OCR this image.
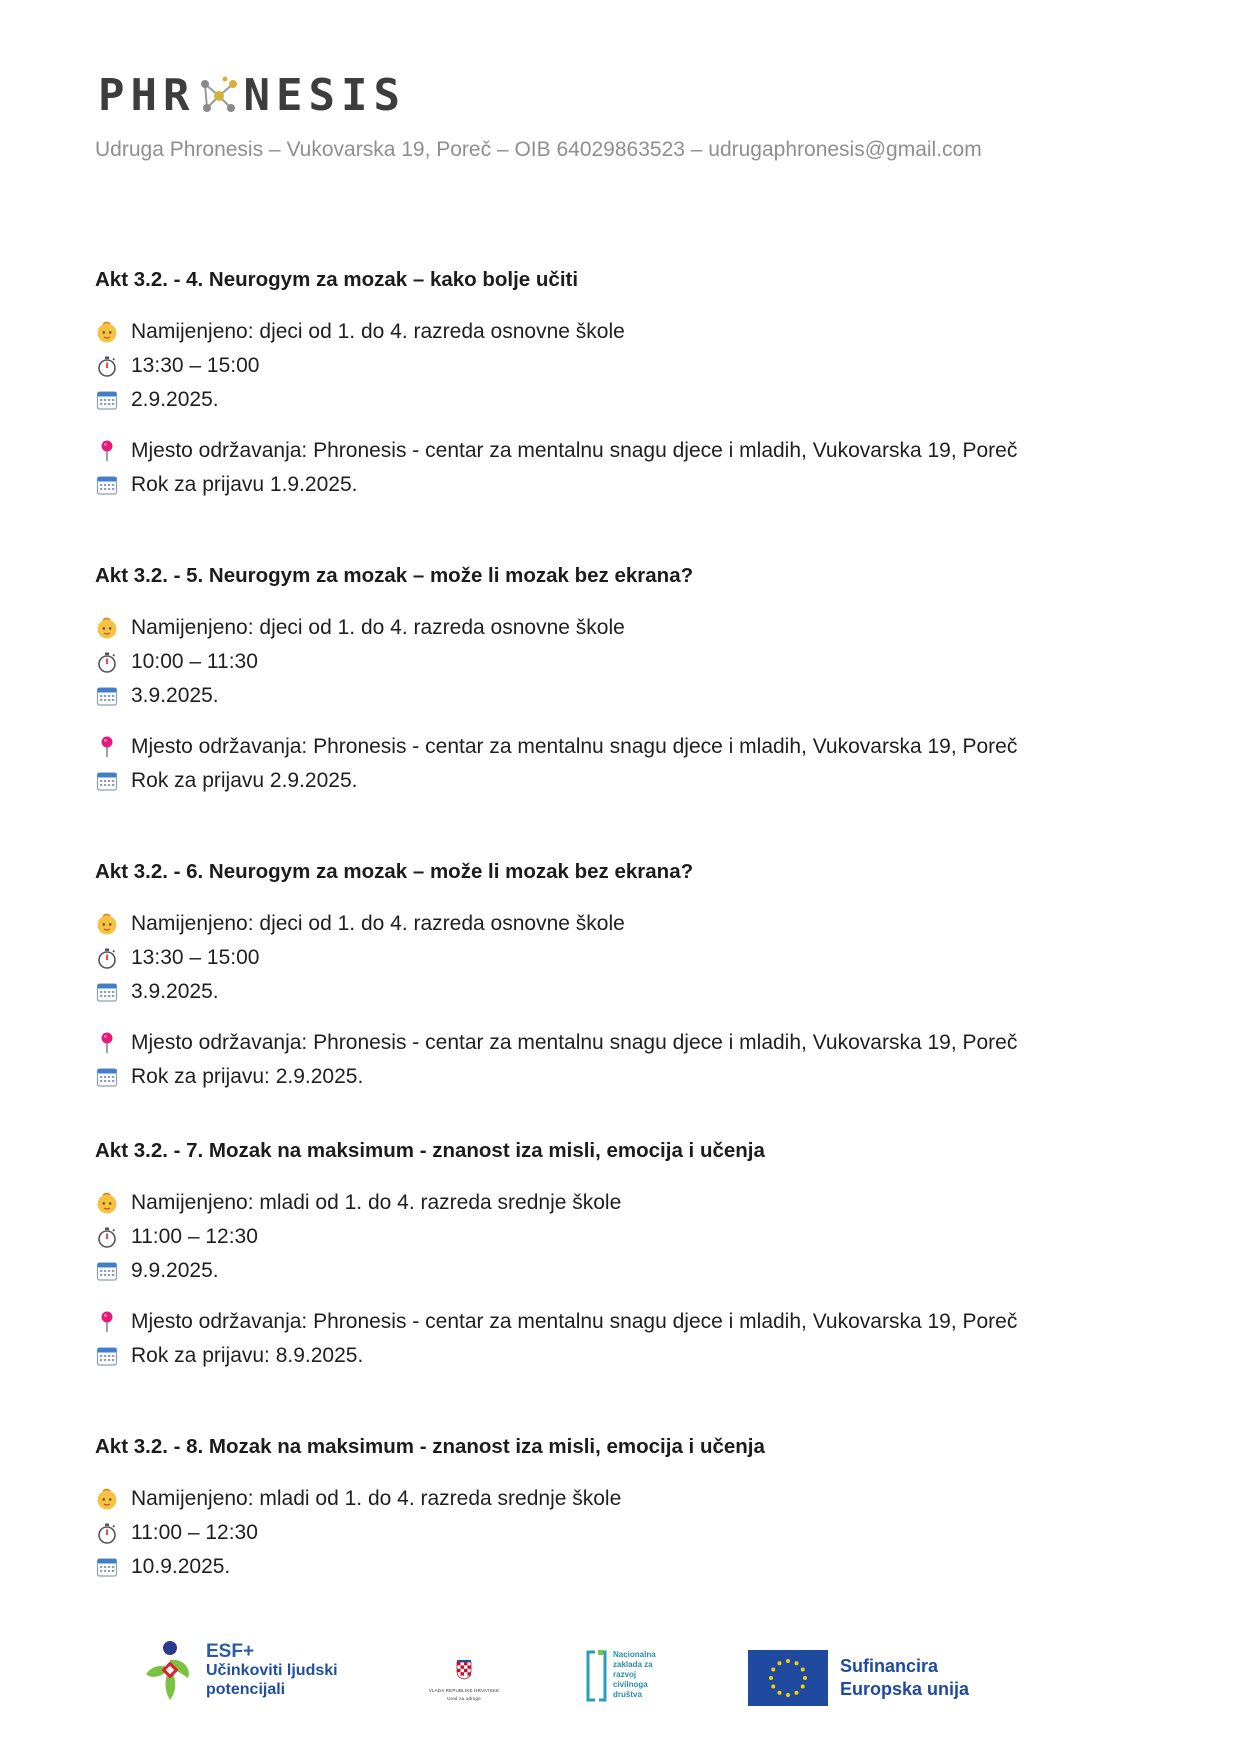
PHR NESIS
Udruga Phronesis – Vukovarska 19, Poreč – OIB 64029863523 – udrugaphronesis@gmail.com
Akt 3.2. - 4. Neurogym za mozak – kako bolje učiti
Namijenjeno: djeci od 1. do 4. razreda osnovne škole
13:30 – 15:00
2.9.2025.
Mjesto održavanja: Phronesis - centar za mentalnu snagu djece i mladih, Vukovarska 19, Poreč
Rok za prijavu 1.9.2025.
Akt 3.2. - 5. Neurogym za mozak – može li mozak bez ekrana?
Namijenjeno: djeci od 1. do 4. razreda osnovne škole
10:00 – 11:30
3.9.2025.
Mjesto održavanja: Phronesis - centar za mentalnu snagu djece i mladih, Vukovarska 19, Poreč
Rok za prijavu 2.9.2025.
Akt 3.2. - 6. Neurogym za mozak – može li mozak bez ekrana?
Namijenjeno: djeci od 1. do 4. razreda osnovne škole
13:30 – 15:00
3.9.2025.
Mjesto održavanja: Phronesis - centar za mentalnu snagu djece i mladih, Vukovarska 19, Poreč
Rok za prijavu: 2.9.2025.
Akt 3.2. - 7. Mozak na maksimum - znanost iza misli, emocija i učenja
Namijenjeno: mladi od 1. do 4. razreda srednje škole
11:00 – 12:30
9.9.2025.
Mjesto održavanja: Phronesis - centar za mentalnu snagu djece i mladih, Vukovarska 19, Poreč
Rok za prijavu: 8.9.2025.
Akt 3.2. - 8. Mozak na maksimum - znanost iza misli, emocija i učenja
Namijenjeno: mladi od 1. do 4. razreda srednje škole
11:00 – 12:30
10.9.2025.
ESF+
Učinkoviti ljudski
potencijali	VLADA REPUBLIKE HRVATSKE
Ured za udruge
Nacionalna
zaklada za
razvoj
civilnoga
društva
Sufinancira
Europska unija
